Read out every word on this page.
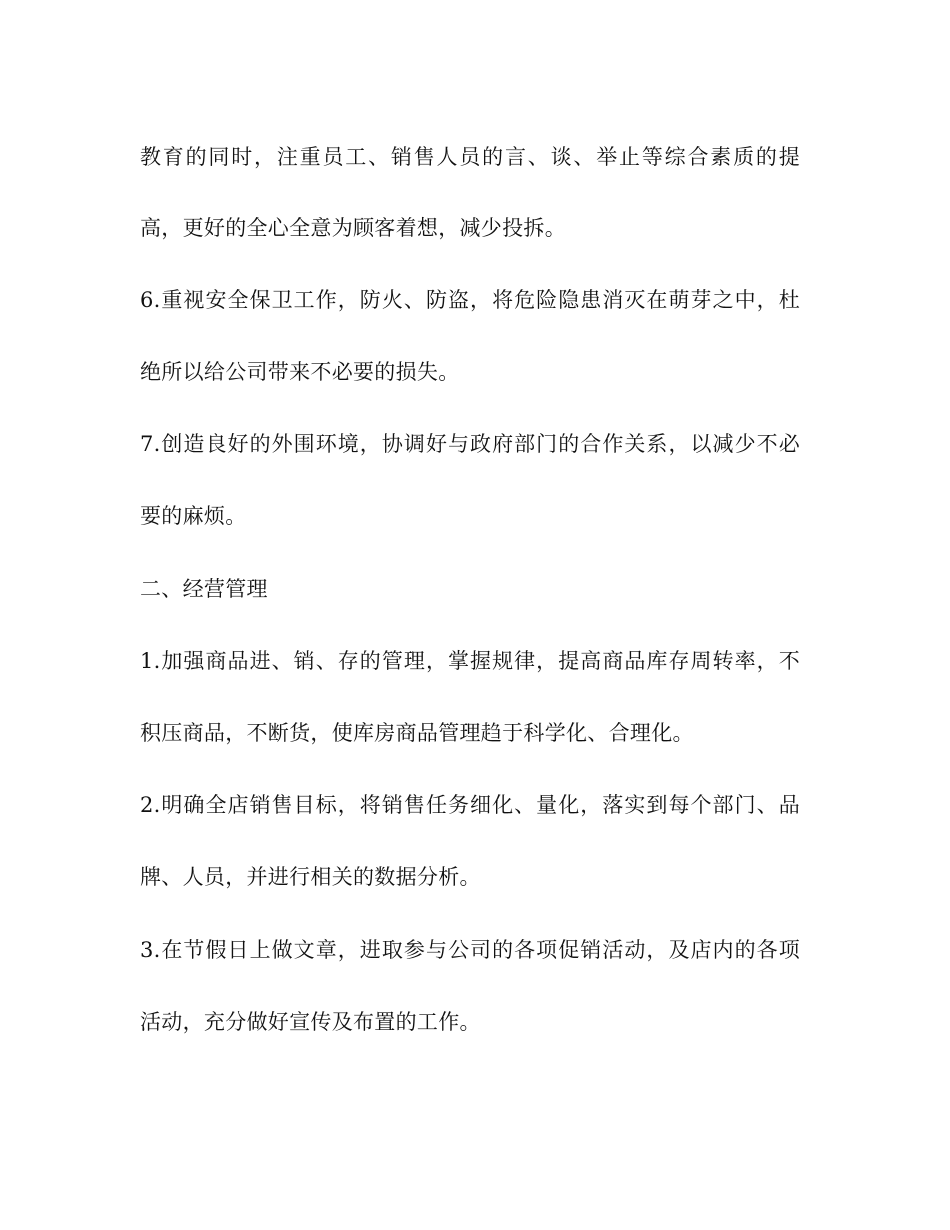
教育的同时，注重员工、销售人员的言、谈、举止等综合素质的提
高，更好的全心全意为顾客着想，减少投拆。
6.重视安全保卫工作，防火、防盗，将危险隐患消灭在萌芽之中，杜
绝所以给公司带来不必要的损失。
7.创造良好的外围环境，协调好与政府部门的合作关系，以减少不必
要的麻烦。
二、经营管理
1.加强商品进、销、存的管理，掌握规律，提高商品库存周转率，不
积压商品，不断货，使库房商品管理趋于科学化、合理化。
2.明确全店销售目标，将销售任务细化、量化，落实到每个部门、品
牌、人员，并进行相关的数据分析。
3.在节假日上做文章，进取参与公司的各项促销活动，及店内的各项
活动，充分做好宣传及布置的工作。
